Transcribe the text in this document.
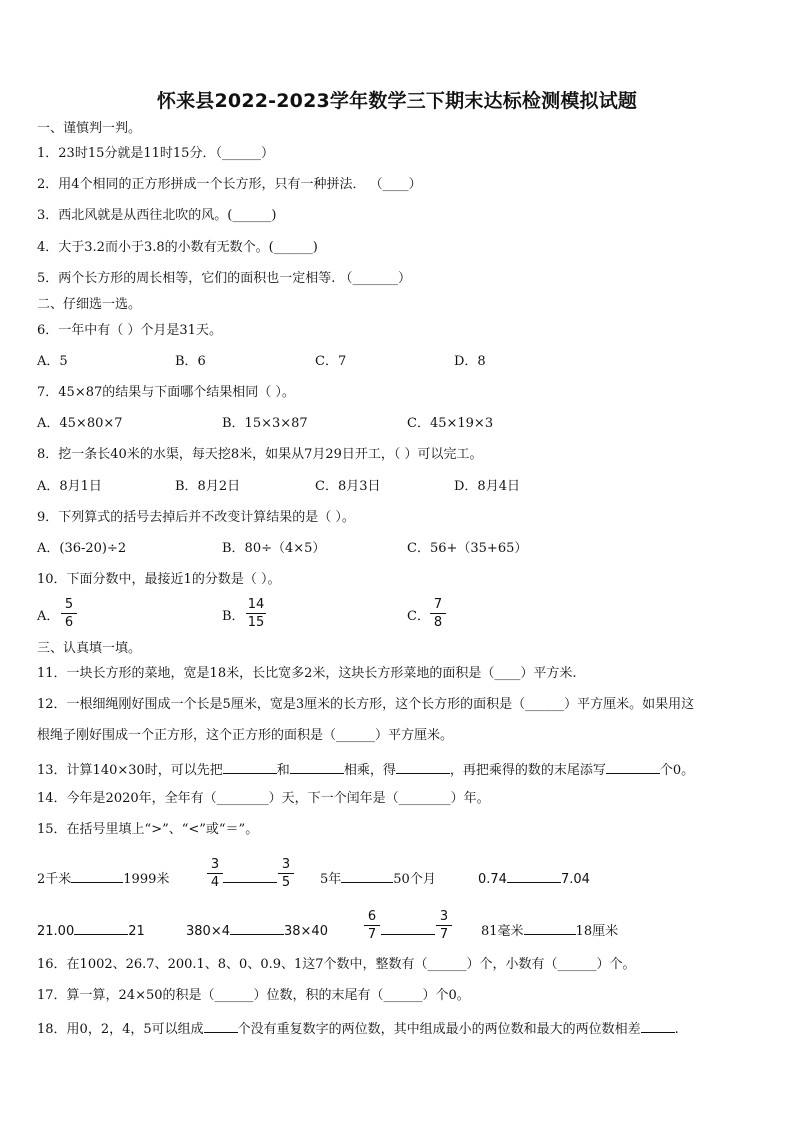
怀来县2022-2023学年数学三下期末达标检测模拟试题
一、谨慎判一判。
1．23时15分就是11时15分．（______）
2．用4个相同的正方形拼成一个长方形，只有一种拼法． （____）
3．西北风就是从西往北吹的风。(______)
4．大于3.2而小于3.8的小数有无数个。(______)
5．两个长方形的周长相等，它们的面积也一定相等. （_______）
二、仔细选一选。
6．一年中有（ ）个月是31天。
A．5	B．6	C．7	D．8
7．45×87的结果与下面哪个结果相同（ ）。
A．45×80×7	B．15×3×87	C．45×19×3
8．挖一条长40米的水渠，每天挖8米，如果从7月29日开工，（ ）可以完工。
A．8月1日	B．8月2日	C．8月3日	D．8月4日
9．下列算式的括号去掉后并不改变计算结果的是（ ）。
A．(36-20)÷2	B．80÷（4×5）	C．56+（35+65）
10．下面分数中，最接近1的分数是（ ）。
A．
5
6	B．
14
15	C．
7
8
三、认真填一填。
11．一块长方形的菜地，宽是18米，长比宽多2米，这块长方形菜地的面积是（____）平方米.
12．一根细绳刚好围成一个长是5厘米，宽是3厘米的长方形，这个长方形的面积是（______）平方厘米。如果用这
根绳子刚好围成一个正方形，这个正方形的面积是（______）平方厘米。
13．计算140×30时，可以先把	和	相乘，得	，再把乘得的数的末尾添写	个0。
14．今年是2020年，全年有（________）天，下一个闰年是（________）年。
15．在括号里填上“>”、“<”或“＝”。
2千米	1999米
3
4
3
5 5年	50个月	0.74	7.04
21.00	21	380×4	38×40
6
7
3
7	81毫米	18厘米
16．在1002、26.7、200.1、8、0、0.9、1这7个数中，整数有（______）个，小数有（______）个。
17．算一算，24×50的积是（______）位数，积的末尾有（______）个0。
18．用0，2，4，5可以组成	个没有重复数字的两位数，其中组成最小的两位数和最大的两位数相差	.
